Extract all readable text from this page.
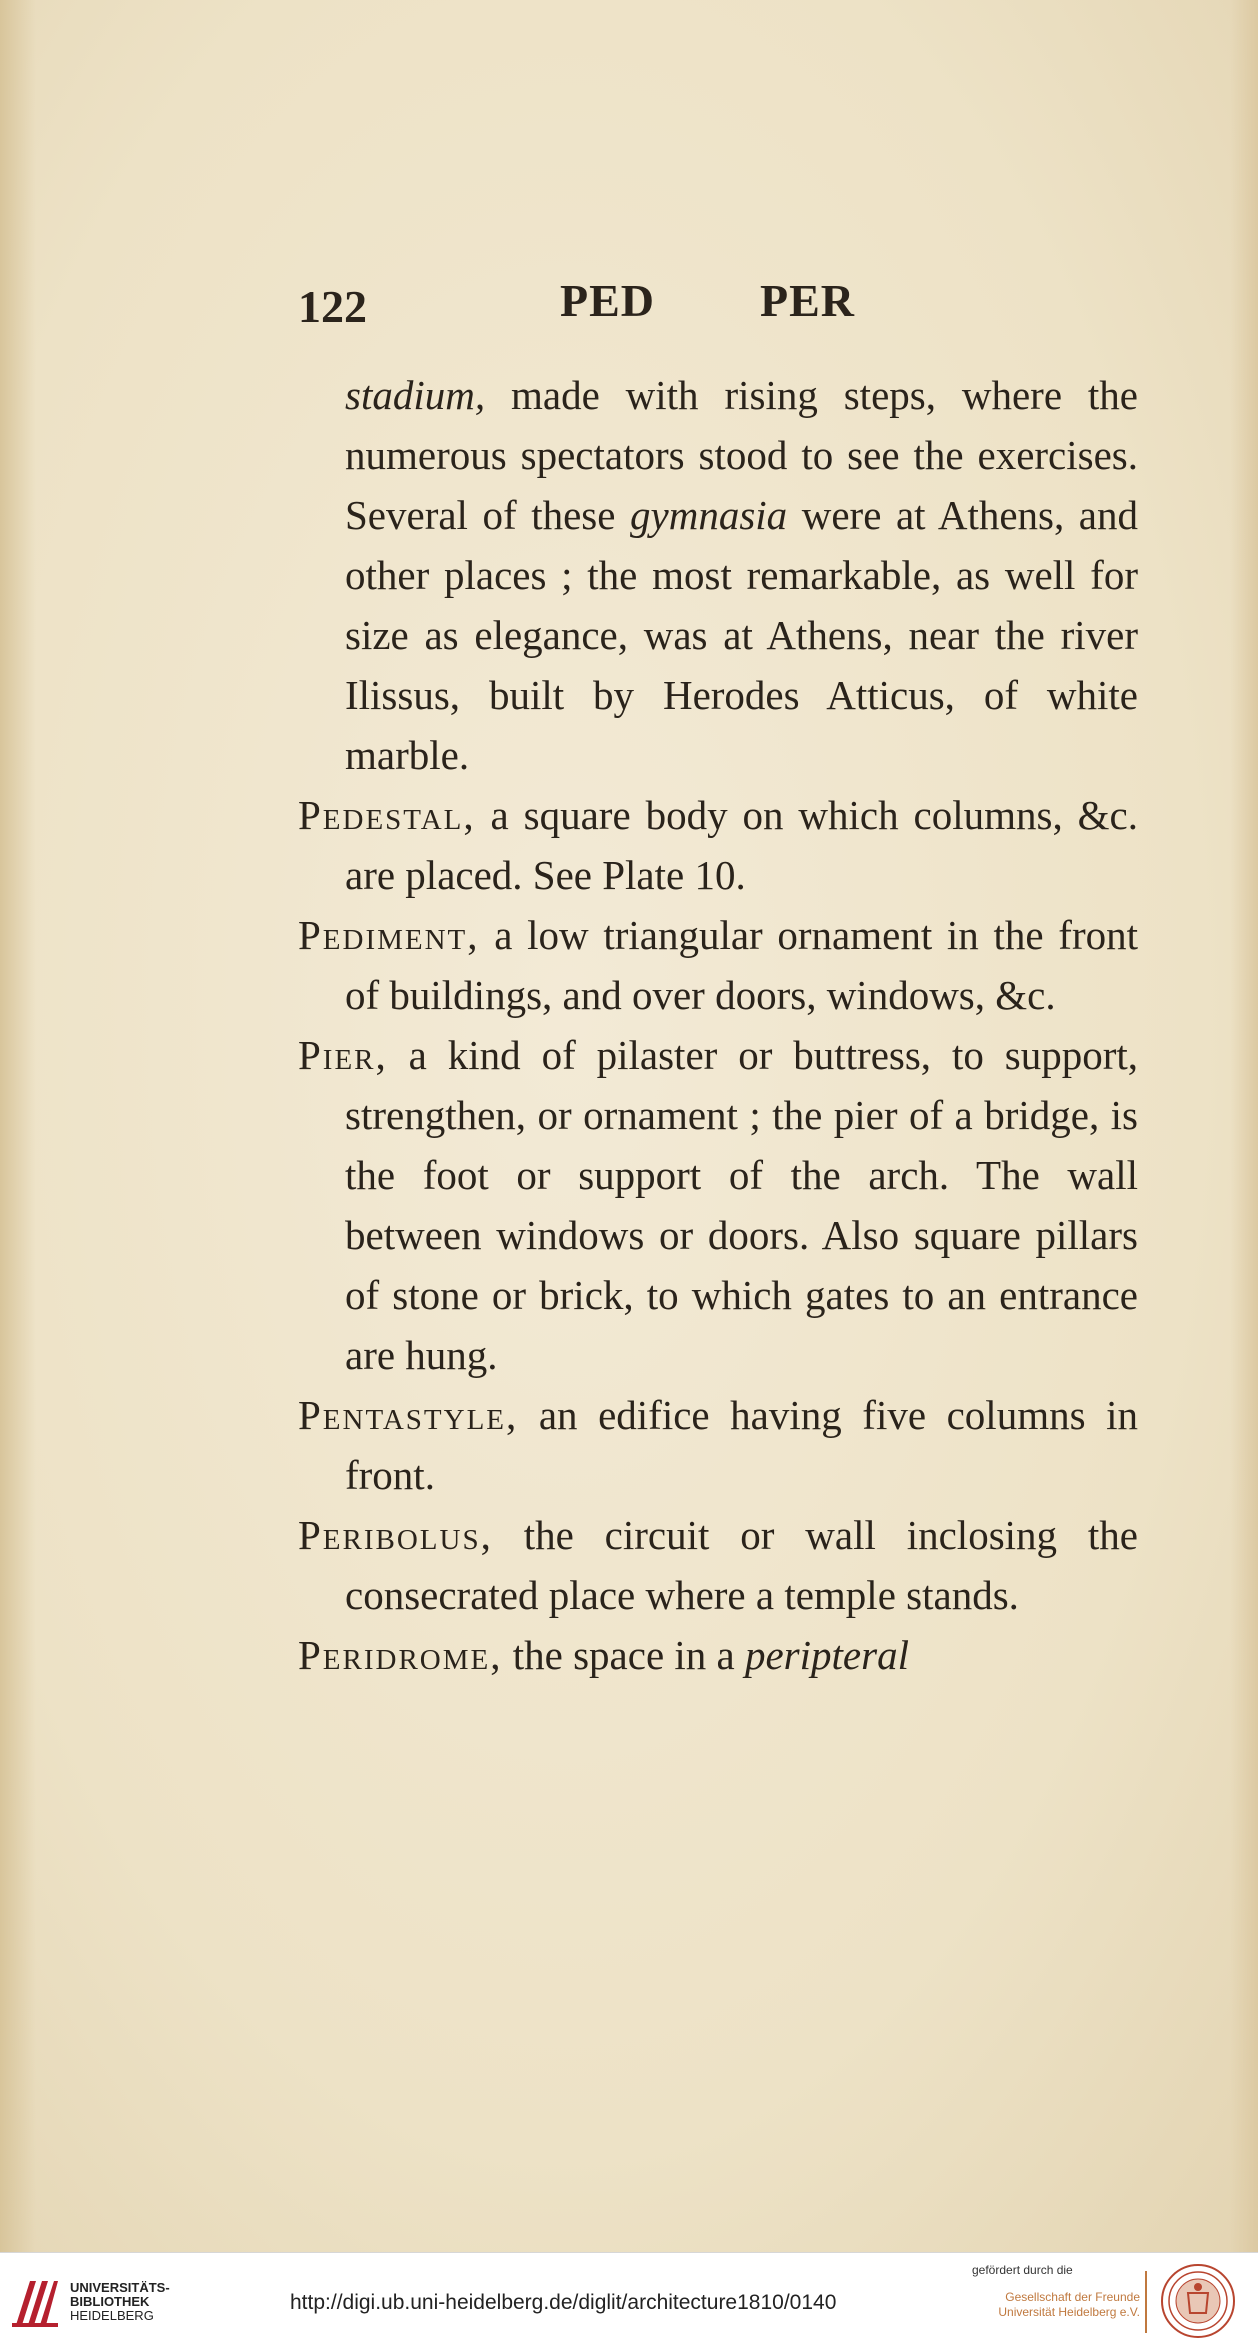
122	PED PER

stadium, made with rising steps, where the numerous spectators stood to see the exercises. Several of these gymnasia were at Athens, and other places ; the most remarkable, as well for size as elegance, was at Athens, near the river Ilissus, built by Herodes Atticus, of white marble.

Pedestal, a square body on which columns, &c. are placed. See Plate 10.

Pediment, a low triangular ornament in the front of buildings, and over doors, windows, &c.

Pier, a kind of pilaster or buttress, to support, strengthen, or ornament ; the pier of a bridge, is the foot or support of the arch. The wall between windows or doors. Also square pillars of stone or brick, to which gates to an entrance are hung.

Pentastyle, an edifice having five columns in front.

Peribolus, the circuit or wall inclosing the consecrated place where a temple stands.

Peridrome, the space in a peripteral

UNIVERSITÄTS-
BIBLIOTHEK
HEIDELBERG
http://digi.ub.uni-heidelberg.de/diglit/architecture1810/0140
gefördert durch die
Gesellschaft der Freunde
Universität Heidelberg e.V.
